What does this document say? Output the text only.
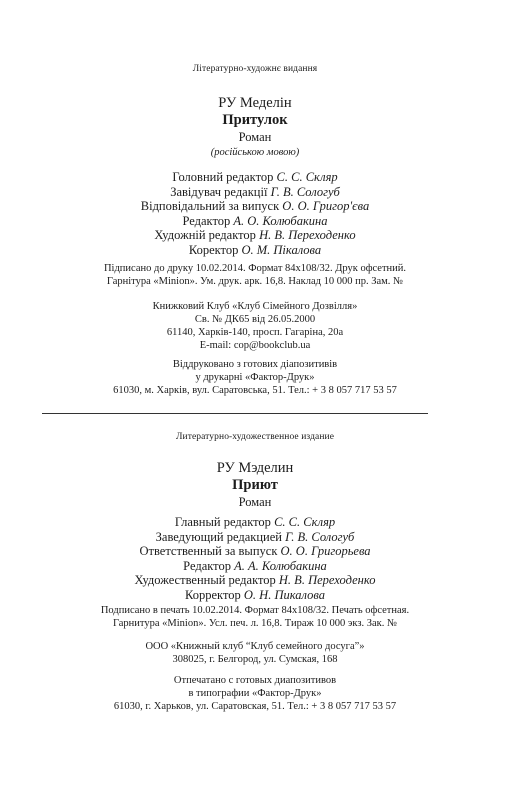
Літературно-художнє видання
РУ Меделін
Притулок
Роман
(російською мовою)
Головний редактор С. С. Скляр
Завідувач редакції Г. В. Сологуб
Відповідальний за випуск О. О. Григор'єва
Редактор А. О. Колюбакина
Художній редактор Н. В. Переходенко
Коректор О. М. Пікалова
Підписано до друку 10.02.2014. Формат 84x108/32. Друк офсетний.
Гарнітура «Minion». Ум. друк. арк. 16,8. Наклад 10 000 пр. Зам. №
Книжковий Клуб «Клуб Сімейного Дозвілля»
Св. № ДК65 від 26.05.2000
61140, Харків-140, просп. Гагаріна, 20а
E-mail: cop@bookclub.ua
Віддруковано з готових діапозитивів
у друкарні «Фактор-Друк»
61030, м. Харків, вул. Саратовська, 51. Тел.: + 3 8 057 717 53 57
Литературно-художественное издание
РУ Мэделин
Приют
Роман
Главный редактор С. С. Скляр
Заведующий редакцией Г. В. Сологуб
Ответственный за выпуск О. О. Григорьева
Редактор А. А. Колюбакина
Художественный редактор Н. В. Переходенко
Корректор О. Н. Пикалова
Подписано в печать 10.02.2014. Формат 84x108/32. Печать офсетная.
Гарнитура «Minion». Усл. печ. л. 16,8. Тираж 10 000 экз. Зак. №
ООО «Книжный клуб “Клуб семейного досуга”»
308025, г. Белгород, ул. Сумская, 168
Отпечатано с готовых диапозитивов
в типографии «Фактор-Друк»
61030, г. Харьков, ул. Саратовская, 51. Тел.: + 3 8 057 717 53 57
